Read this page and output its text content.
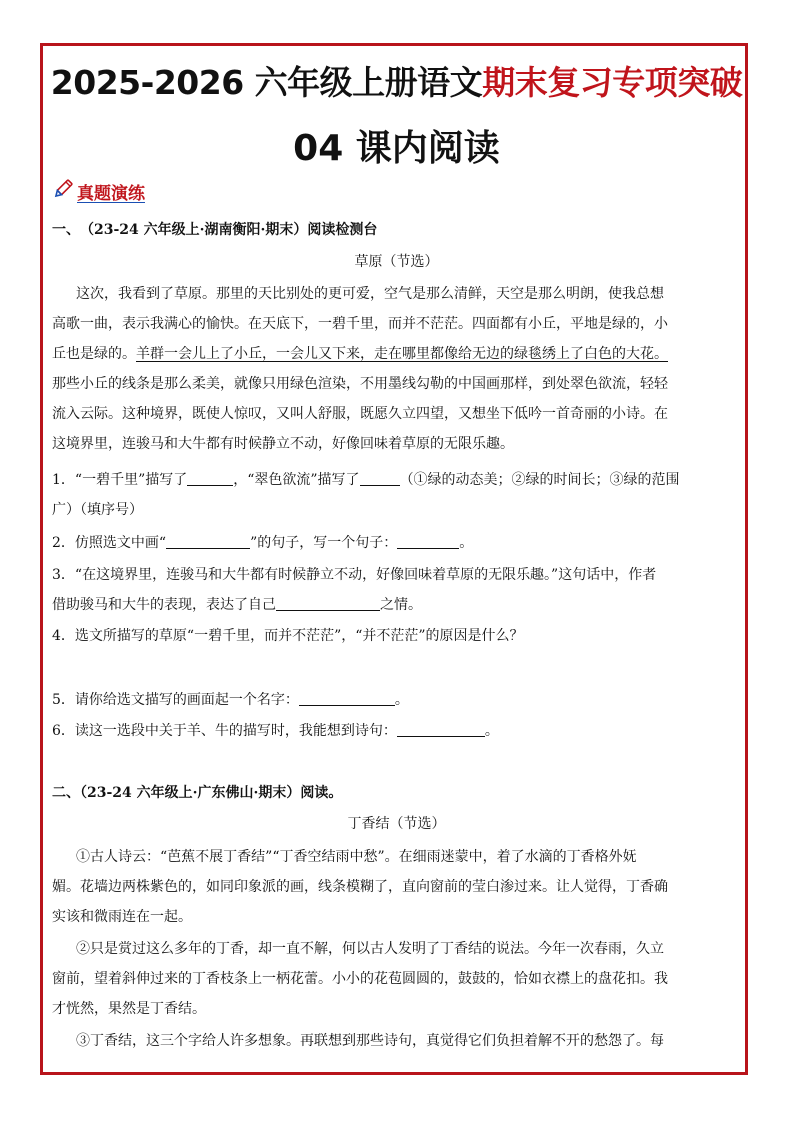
2025-2026 六年级上册语文期末复习专项突破
04 课内阅读
真题演练
一、　（23-24 六年级上·湖南衡阳·期末）阅读检测台
草原（节选）
这次，我看到了草原。那里的天比别处的更可爱，空气是那么清鲜，天空是那么明朗，使我总想
高歌一曲，表示我满心的愉快。在天底下，一碧千里，而并不茫茫。四面都有小丘，平地是绿的，小
丘也是绿的。羊群一会儿上了小丘，一会儿又下来，走在哪里都像给无边的绿毯绣上了白色的大花。
那些小丘的线条是那么柔美，就像只用绿色渲染，不用墨线勾勒的中国画那样，到处翠色欲流，轻轻
流入云际。这种境界，既使人惊叹，又叫人舒服，既愿久立四望，又想坐下低吟一首奇丽的小诗。在
这境界里，连骏马和大牛都有时候静立不动，好像回味着草原的无限乐趣。
1．“一碧千里”描写了	，“翠色欲流”描写了	（①绿的动态美；②绿的时间长；③绿的范围
广）（填序号）
2．仿照选文中画“	”的句子，写一个句子：	。
3．“在这境界里，连骏马和大牛都有时候静立不动，好像回味着草原的无限乐趣。”这句话中，作者
借助骏马和大牛的表现，表达了自己	之情。
4．选文所描写的草原“一碧千里，而并不茫茫”，“并不茫茫”的原因是什么？
5．请你给选文描写的画面起一个名字：	。
6．读这一选段中关于羊、牛的描写时，我能想到诗句：	。
二、（23-24 六年级上·广东佛山·期末）阅读。
丁香结（节选）
①古人诗云：“芭蕉不展丁香结”“丁香空结雨中愁”。在细雨迷蒙中，着了水滴的丁香格外妩
媚。花墙边两株紫色的，如同印象派的画，线条模糊了，直向窗前的莹白渗过来。让人觉得，丁香确
实该和微雨连在一起。
②只是赏过这么多年的丁香，却一直不解，何以古人发明了丁香结的说法。今年一次春雨，久立
窗前，望着斜伸过来的丁香枝条上一柄花蕾。小小的花苞圆圆的，鼓鼓的，恰如衣襟上的盘花扣。我
才恍然，果然是丁香结。
③丁香结，这三个字给人许多想象。再联想到那些诗句，真觉得它们负担着解不开的愁怨了。每
